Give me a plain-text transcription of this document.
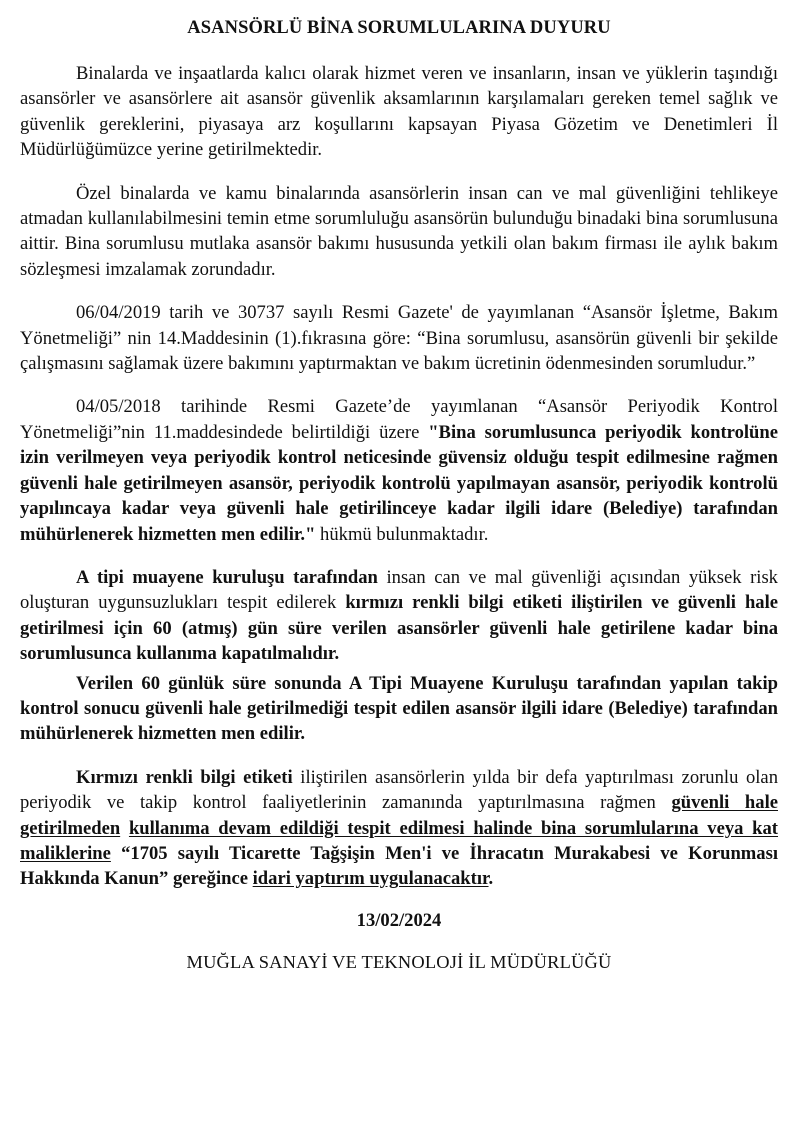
ASANSÖRLÜ BİNA SORUMLULARINA DUYURU

Binalarda ve inşaatlarda kalıcı olarak hizmet veren ve insanların, insan ve yüklerin taşındığı asansörler ve asansörlere ait asansör güvenlik aksamlarının karşılamaları gereken temel sağlık ve güvenlik gereklerini, piyasaya arz koşullarını kapsayan Piyasa Gözetim ve Denetimleri İl Müdürlüğümüzce yerine getirilmektedir.

Özel binalarda ve kamu binalarında asansörlerin insan can ve mal güvenliğini tehlikeye atmadan kullanılabilmesini temin etme sorumluluğu asansörün bulunduğu binadaki bina sorumlusuna aittir. Bina sorumlusu mutlaka asansör bakımı hususunda yetkili olan bakım firması ile aylık bakım sözleşmesi imzalamak zorundadır.

06/04/2019 tarih ve 30737 sayılı Resmi Gazete' de yayımlanan “Asansör İşletme, Bakım Yönetmeliği” nin 14.Maddesinin (1).fıkrasına göre: “Bina sorumlusu, asansörün güvenli bir şekilde çalışmasını sağlamak üzere bakımını yaptırmaktan ve bakım ücretinin ödenmesinden sorumludur.”

04/05/2018 tarihinde Resmi Gazete’de yayımlanan “Asansör Periyodik Kontrol Yönetmeliği”nin 11.maddesindede belirtildiği üzere "Bina sorumlusunca periyodik kontrolüne izin verilmeyen veya periyodik kontrol neticesinde güvensiz olduğu tespit edilmesine rağmen güvenli hale getirilmeyen asansör, periyodik kontrolü yapılmayan asansör, periyodik kontrolü yapılıncaya kadar veya güvenli hale getirilinceye kadar ilgili idare (Belediye) tarafından mühürlenerek hizmetten men edilir." hükmü bulunmaktadır.

A tipi muayene kuruluşu tarafından insan can ve mal güvenliği açısından yüksek risk oluşturan uygunsuzlukları tespit edilerek kırmızı renkli bilgi etiketi iliştirilen ve güvenli hale getirilmesi için 60 (atmış) gün süre verilen asansörler güvenli hale getirilene kadar bina sorumlusunca kullanıma kapatılmalıdır.

Verilen 60 günlük süre sonunda A Tipi Muayene Kuruluşu tarafından yapılan takip kontrol sonucu güvenli hale getirilmediği tespit edilen asansör ilgili idare (Belediye) tarafından mühürlenerek hizmetten men edilir.

Kırmızı renkli bilgi etiketi iliştirilen asansörlerin yılda bir defa yaptırılması zorunlu olan periyodik ve takip kontrol faaliyetlerinin zamanında yaptırılmasına rağmen güvenli hale getirilmeden kullanıma devam edildiği tespit edilmesi halinde bina sorumlularına veya kat maliklerine “1705 sayılı Ticarette Tağşişin Men'i ve İhracatın Murakabesi ve Korunması Hakkında Kanun” gereğince idari yaptırım uygulanacaktır.

13/02/2024
MUĞLA SANAYİ VE TEKNOLOJİ İL MÜDÜRLÜĞÜ
